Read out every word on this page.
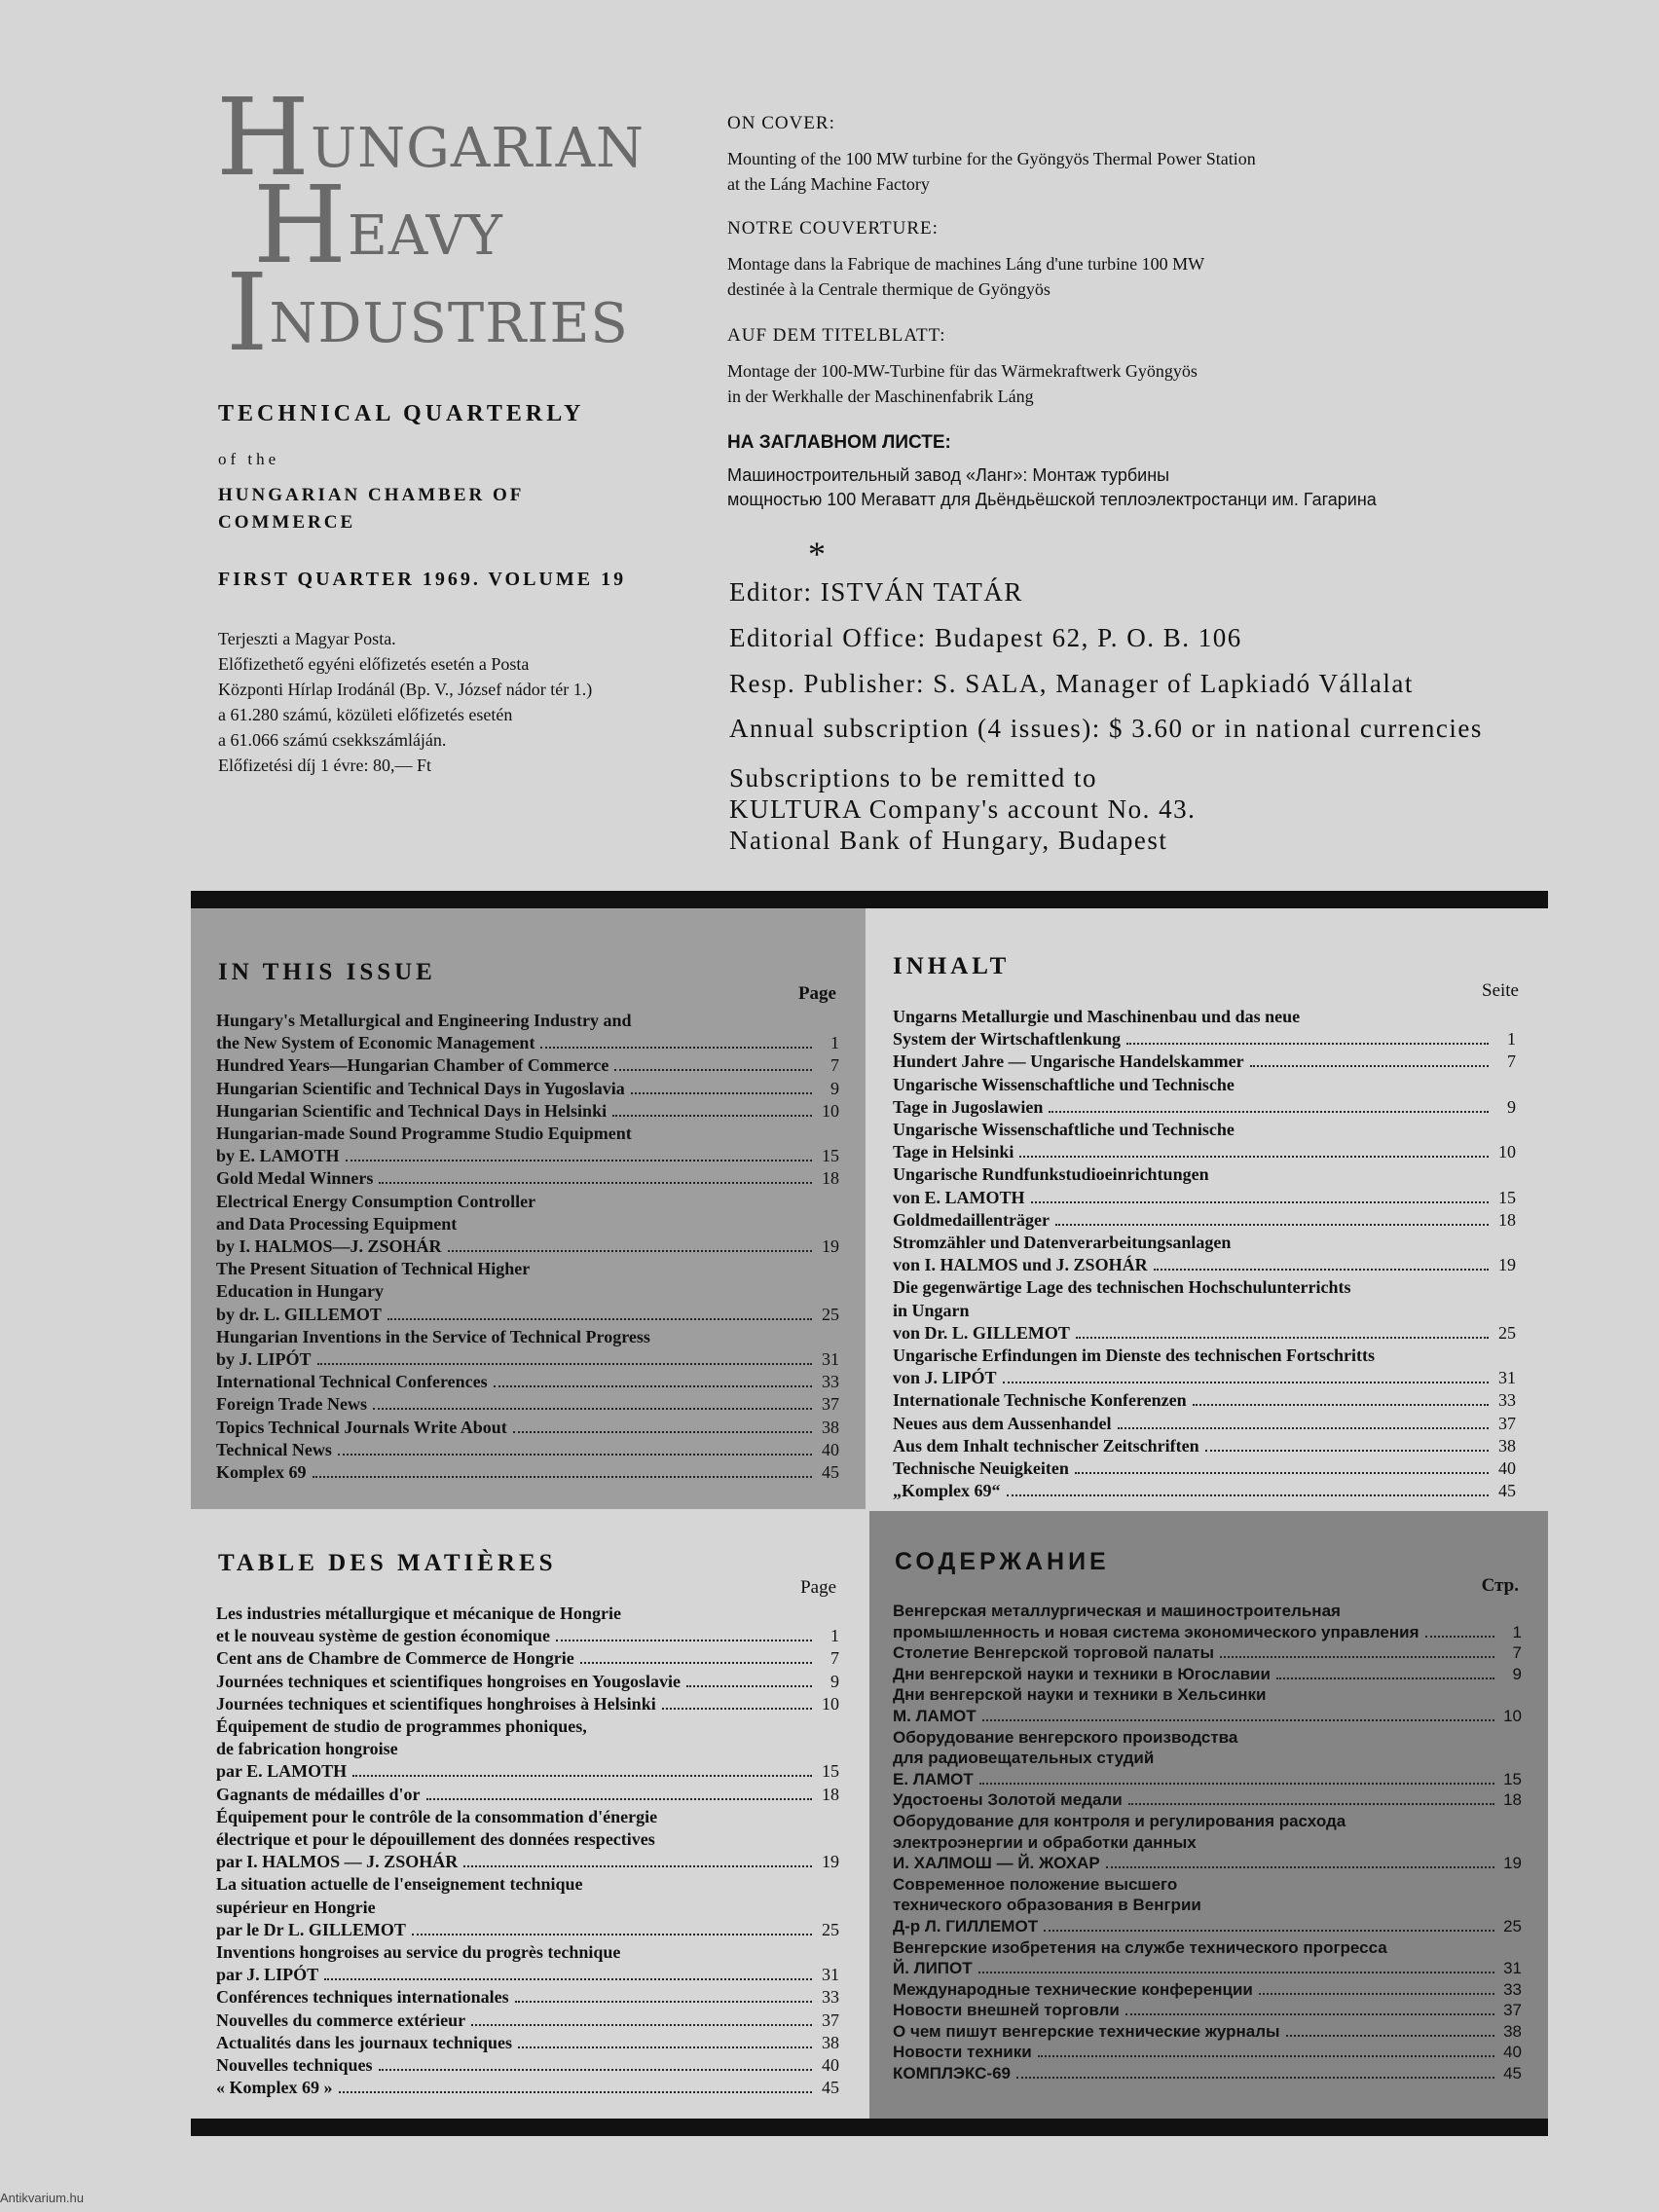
HUNGARIAN
HEAVY
INDUSTRIES
TECHNICAL QUARTERLY
of the
HUNGARIAN CHAMBER OF
COMMERCE
FIRST QUARTER 1969. VOLUME 19
Terjeszti a Magyar Posta.
Előfizethető egyéni előfizetés esetén a Posta
Központi Hírlap Irodánál (Bp. V., József nádor tér 1.)
a 61.280 számú, közületi előfizetés esetén
a 61.066 számú csekkszámláján.
Előfizetési díj 1 évre: 80,— Ft
ON COVER:
Mounting of the 100 MW turbine for the Gyöngyös Thermal Power Station
at the Láng Machine Factory
NOTRE COUVERTURE:
Montage dans la Fabrique de machines Láng d'une turbine 100 MW
destinée à la Centrale thermique de Gyöngyös
AUF DEM TITELBLATT:
Montage der 100-MW-Turbine für das Wärmekraftwerk Gyöngyös
in der Werkhalle der Maschinenfabrik Láng
НА ЗАГЛАВНОМ ЛИСТЕ:
Машиностроительный завод «Ланг»: Монтаж турбины
мощностью 100 Мегаватт для Дьёндьёшской теплоэлектростанци им. Гагарина
*
Editor: ISTVÁN TATÁR
Editorial Office: Budapest 62, P. O. B. 106
Resp. Publisher: S. SALA, Manager of Lapkiadó Vállalat
Annual subscription (4 issues): $ 3.60 or in national currencies
Subscriptions to be remitted to
KULTURA Company's account No. 43.
National Bank of Hungary, Budapest
IN THIS ISSUE
Page
Hungary's Metallurgical and Engineering Industry and
the New System of Economic Management	1
Hundred Years—Hungarian Chamber of Commerce	7
Hungarian Scientific and Technical Days in Yugoslavia	9
Hungarian Scientific and Technical Days in Helsinki	10
Hungarian-made Sound Programme Studio Equipment
by E. LAMOTH	15
Gold Medal Winners	18
Electrical Energy Consumption Controller
and Data Processing Equipment
by I. HALMOS—J. ZSOHÁR	19
The Present Situation of Technical Higher
Education in Hungary
by dr. L. GILLEMOT	25
Hungarian Inventions in the Service of Technical Progress
by J. LIPÓT	31
International Technical Conferences	33
Foreign Trade News	37
Topics Technical Journals Write About	38
Technical News	40
Komplex 69	45
INHALT
Seite
Ungarns Metallurgie und Maschinenbau und das neue
System der Wirtschaftlenkung	1
Hundert Jahre — Ungarische Handelskammer	7
Ungarische Wissenschaftliche und Technische
Tage in Jugoslawien	9
Ungarische Wissenschaftliche und Technische
Tage in Helsinki	10
Ungarische Rundfunkstudioeinrichtungen
von E. LAMOTH	15
Goldmedaillenträger	18
Stromzähler und Datenverarbeitungsanlagen
von I. HALMOS und J. ZSOHÁR	19
Die gegenwärtige Lage des technischen Hochschulunterrichts
in Ungarn
von Dr. L. GILLEMOT	25
Ungarische Erfindungen im Dienste des technischen Fortschritts
von J. LIPÓT	31
Internationale Technische Konferenzen	33
Neues aus dem Aussenhandel	37
Aus dem Inhalt technischer Zeitschriften	38
Technische Neuigkeiten	40
„Komplex 69“	45
TABLE DES MATIÈRES
Page
Les industries métallurgique et mécanique de Hongrie
et le nouveau système de gestion économique	1
Cent ans de Chambre de Commerce de Hongrie	7
Journées techniques et scientifiques hongroises en Yougoslavie	9
Journées techniques et scientifiques honghroises à Helsinki	10
Équipement de studio de programmes phoniques,
de fabrication hongroise
par E. LAMOTH	15
Gagnants de médailles d'or	18
Équipement pour le contrôle de la consommation d'énergie
électrique et pour le dépouillement des données respectives
par I. HALMOS — J. ZSOHÁR	19
La situation actuelle de l'enseignement technique
supérieur en Hongrie
par le Dr L. GILLEMOT	25
Inventions hongroises au service du progrès technique
par J. LIPÓT	31
Conférences techniques internationales	33
Nouvelles du commerce extérieur	37
Actualités dans les journaux techniques	38
Nouvelles techniques	40
« Komplex 69 »	45
СОДЕРЖАНИЕ
Стр.
Венгерская металлургическая и машиностроительная
промышленность и новая система экономического управления	1
Столетие Венгерской торговой палаты	7
Дни венгерской науки и техники в Югославии	9
Дни венгерской науки и техники в Хельсинки
М. ЛАМОТ	10
Оборудование венгерского производства
для радиовещательных студий
Е. ЛАМОТ	15
Удостоены Золотой медали	18
Оборудование для контроля и регулирования расхода
электроэнергии и обработки данных
И. ХАЛМОШ — Й. ЖОХАР	19
Современное положение высшего
технического образования в Венгрии
Д-р Л. ГИЛЛЕМОТ	25
Венгерские изобретения на службе технического прогресса
Й. ЛИПОТ	31
Международные технические конференции	33
Новости внешней торговли	37
О чем пишут венгерские технические журналы	38
Новости техники	40
КОМПЛЭКС-69	45
Antikvarium.hu
